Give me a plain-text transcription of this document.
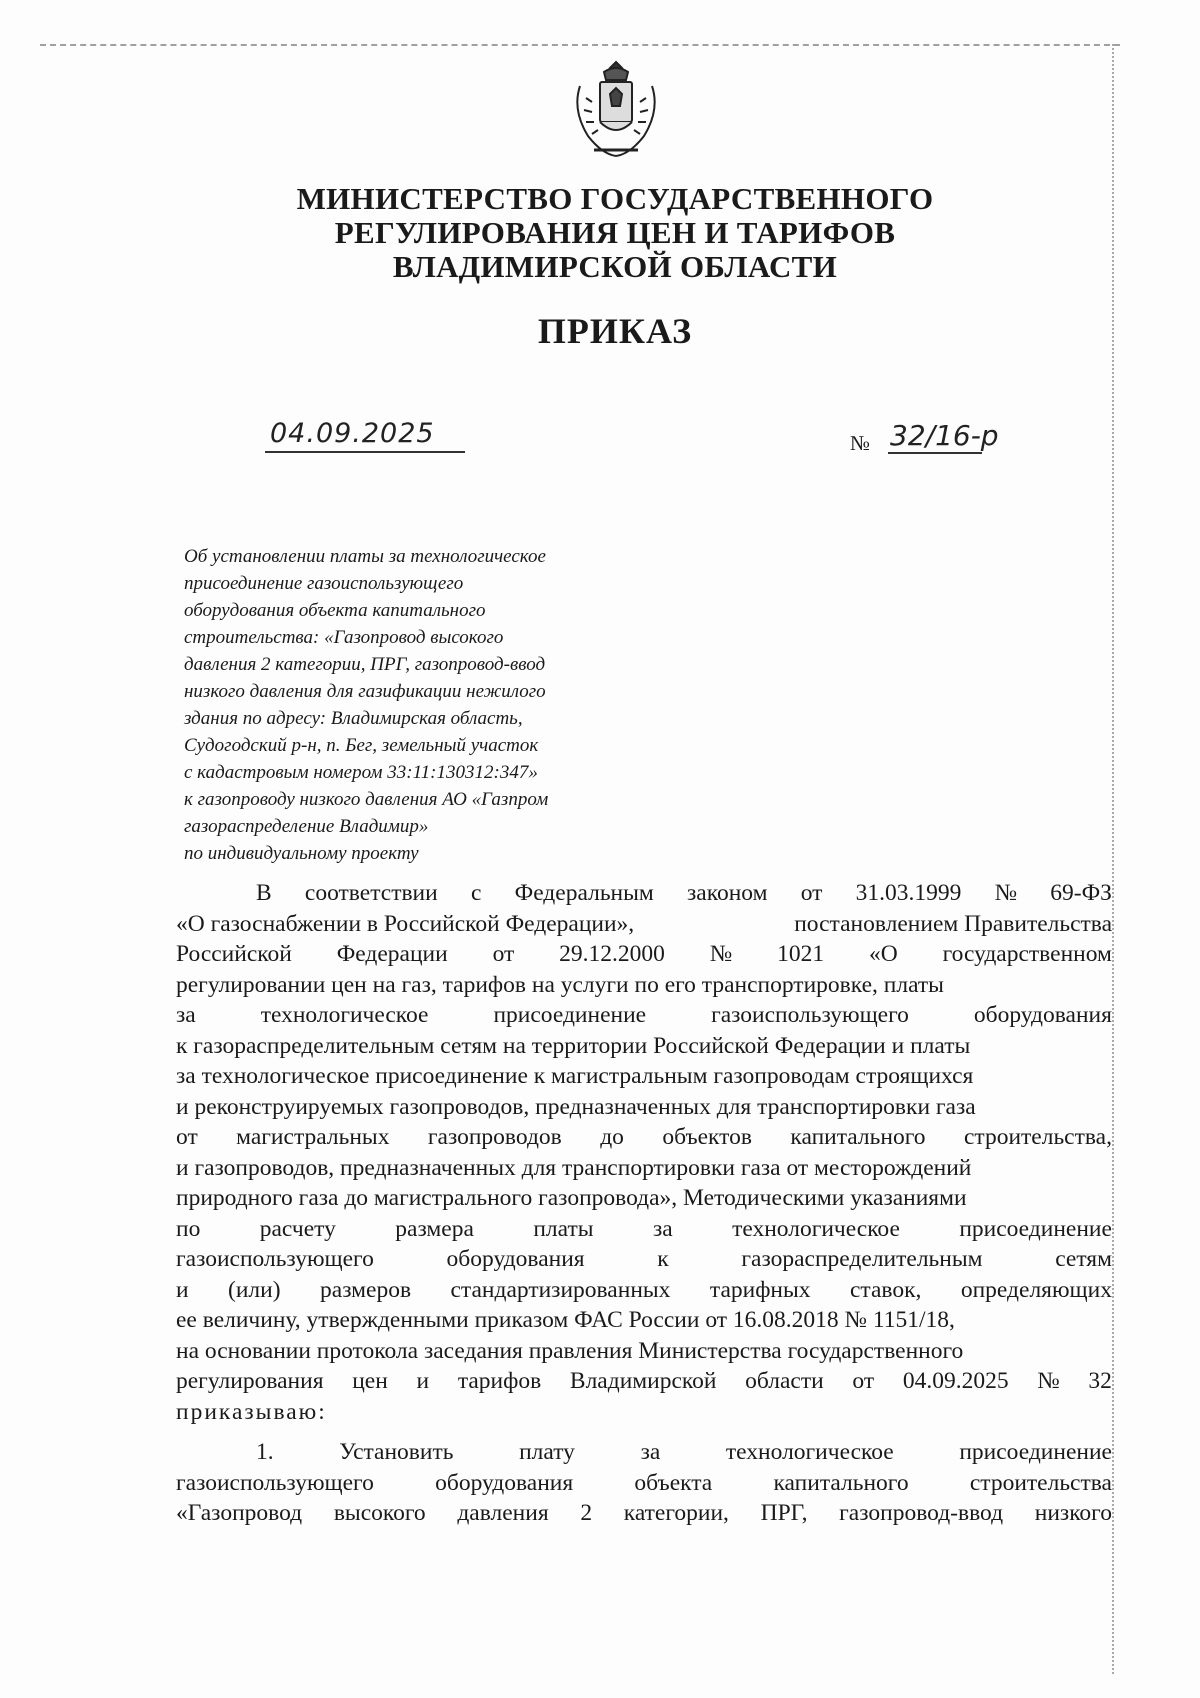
МИНИСТЕРСТВО ГОСУДАРСТВЕННОГО
РЕГУЛИРОВАНИЯ ЦЕН И ТАРИФОВ
ВЛАДИМИРСКОЙ ОБЛАСТИ
ПРИКАЗ
04.09.2025	№ 32/16-р
Об установлении платы за технологическое
присоединение газоиспользующего
оборудования объекта капитального
строительства: «Газопровод высокого
давления 2 категории, ПРГ, газопровод-ввод
низкого давления для газификации нежилого
здания по адресу: Владимирская область,
Судогодский р-н, п. Бег, земельный участок
с кадастровым номером 33:11:130312:347»
к газопроводу низкого давления АО «Газпром
газораспределение Владимир»
по индивидуальному проекту
В соответствии с Федеральным законом от 31.03.1999 № 69-ФЗ
«О газоснабжении в Российской Федерации»,	постановлением Правительства
Российской Федерации от 29.12.2000 № 1021 «О государственном
регулировании цен на газ, тарифов на услуги по его транспортировке, платы
за	технологическое	присоединение	газоиспользующего	оборудования
к газораспределительным сетям на территории Российской Федерации и платы
за технологическое присоединение к магистральным газопроводам строящихся
и реконструируемых газопроводов, предназначенных для транспортировки газа
от магистральных газопроводов до объектов капитального строительства,
и газопроводов, предназначенных для транспортировки газа от месторождений
природного газа до магистрального газопровода», Методическими указаниями
по	расчету	размера	платы	за	технологическое	присоединение
газоиспользующего	оборудования	к	газораспределительным	сетям
и (или) размеров стандартизированных тарифных ставок, определяющих
ее величину, утвержденными приказом ФАС России от 16.08.2018 № 1151/18,
на основании протокола заседания правления Министерства государственного
регулирования цен и тарифов Владимирской области от 04.09.2025 № 32
приказываю:
1.	Установить	плату	за	технологическое	присоединение
газоиспользующего	оборудования	объекта	капитального	строительства
«Газопровод высокого давления 2 категории, ПРГ, газопровод-ввод низкого
